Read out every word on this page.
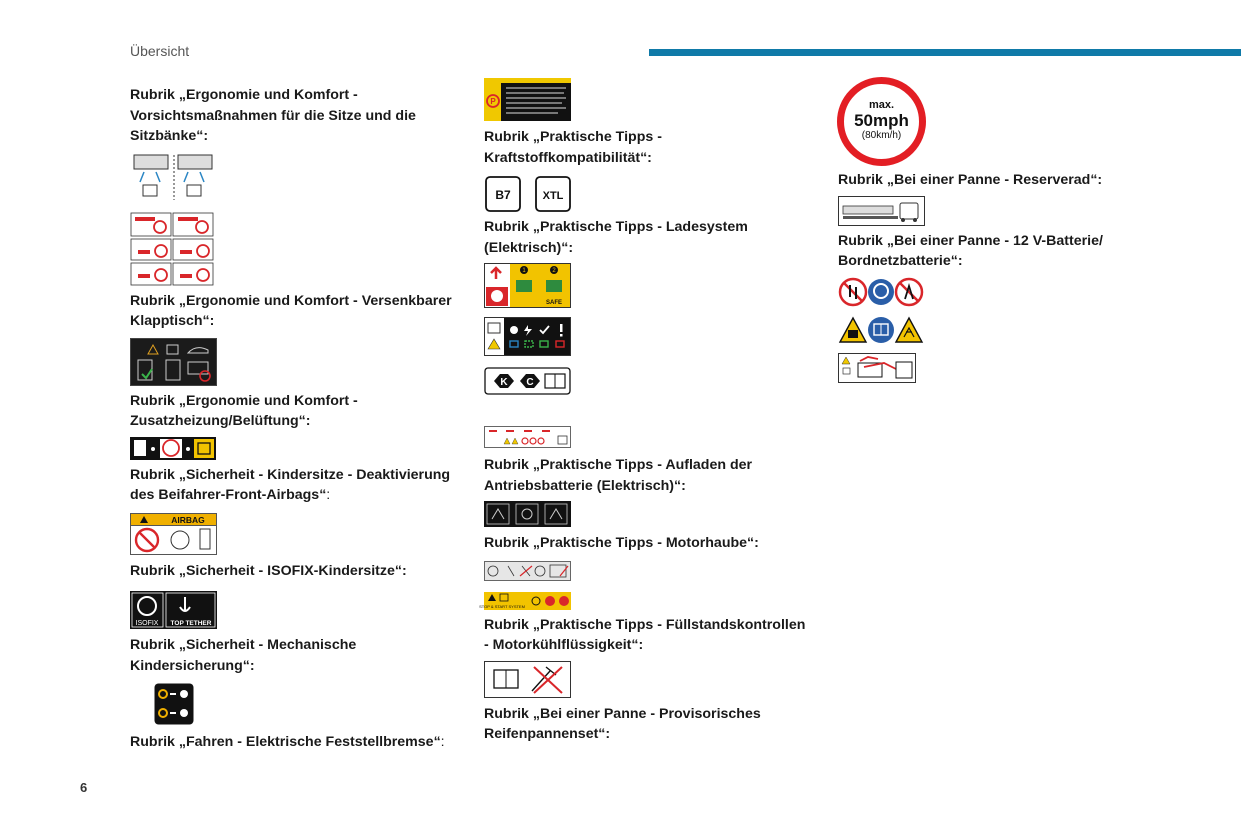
Übersicht
6

Rubrik „Ergonomie und Komfort - Vorsichtsmaßnahmen für die Sitze und die Sitzbänke“:

Rubrik „Ergonomie und Komfort - Versenkbarer Klapptisch“:

Rubrik „Ergonomie und Komfort - Zusatzheizung/Belüftung“:

Rubrik „Sicherheit - Kindersitze - Deaktivierung des Beifahrer-Front-Airbags“:

AIRBAG

Rubrik „Sicherheit - ISOFIX-Kindersitze“:

ISOFIX TOP TETHER

Rubrik „Sicherheit - Mechanische Kindersicherung“:

Rubrik „Fahren - Elektrische Feststellbremse“:

P

Rubrik „Praktische Tipps - Kraftstoffkompatibilität“:

B7	XTL

Rubrik „Praktische Tipps - Ladesystem (Elektrisch)“:

1	2
SAFE
K C

Rubrik „Praktische Tipps - Aufladen der Antriebsbatterie (Elektrisch)“:

Rubrik „Praktische Tipps - Motorhaube“:

STOP & START SYSTEM

Rubrik „Praktische Tipps - Füllstandskontrollen - Motorkühlflüssigkeit“:

Rubrik „Bei einer Panne - Provisorisches Reifenpannenset“:

max.
50mph
(80km/h)

Rubrik „Bei einer Panne - Reserverad“:

Rubrik „Bei einer Panne - 12 V-Batterie/ Bordnetzbatterie“:
